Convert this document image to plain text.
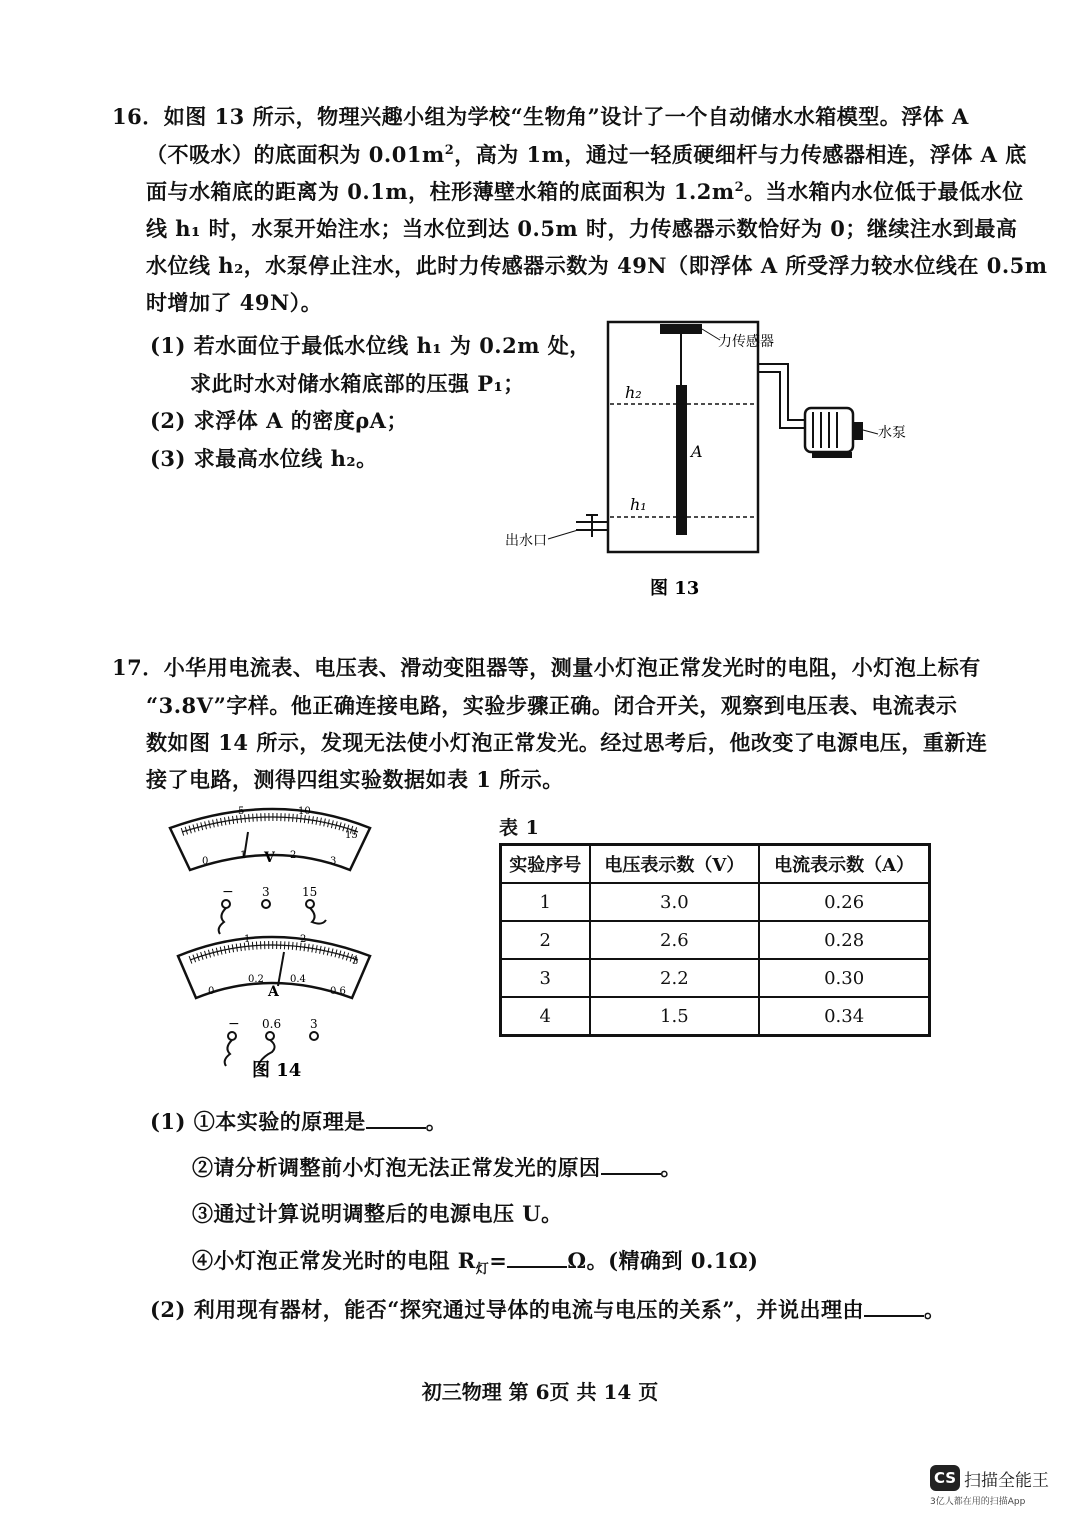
16．如图 13 所示，物理兴趣小组为学校“生物角”设计了一个自动储水水箱模型。浮体 A
（不吸水）的底面积为 $0.01m^2$，高为 1m，通过一轻质硬细杆与力传感器相连，浮体 A 底
面与水箱底的距离为 0.1m，柱形薄壁水箱的底面积为 $1.2m^2$。当水箱内水位低于最低水位
线 h₁ 时，水泵开始注水；当水位到达 0.5m 时，力传感器示数恰好为 0；继续注水到最高
水位线 h₂，水泵停止注水，此时力传感器示数为 49N（即浮体 A 所受浮力较水位线在 0.5m
时增加了 49N）。
(1) 若水面位于最低水位线 h₁ 为 0.2m 处，
求此时水对储水箱底部的压强 P₁；
(2) 求浮体 A 的密度ρA；
(3) 求最高水位线 h₂。	A
h₂
h₁
力传感器
水泵
出水口
图 13
17．小华用电流表、电压表、滑动变阻器等，测量小灯泡正常发光时的电阻，小灯泡上标有
“3.8V”字样。他正确连接电路，实验步骤正确。闭合开关，观察到电压表、电流表示
数如图 14 所示，发现无法使小灯泡正常发光。经过思考后，他改变了电源电压，重新连
接了电路，测得四组实验数据如表 1 所示。
5	10
15
0
1	2
3
V
− 3	15
1	2
3
0
0.2	0.4
0.6
A
− 0.6 3
图 14
表 1
实验序号	电压表示数（V）	电流表示数（A）
1	3.0	0.26
2	2.6	0.28
3	2.2	0.30
4	1.5	0.34
(1) ①本实验的原理是	。
②请分析调整前小灯泡无法正常发光的原因	。
③通过计算说明调整后的电源电压 U。
④小灯泡正常发光时的电阻 $R_灯=$	Ω。(精确到 0.1Ω)
(2) 利用现有器材，能否“探究通过导体的电流与电压的关系”，并说出理由	。
初三物理 第 6页 共 14 页
CS 扫描全能王
3亿人都在用的扫描App
